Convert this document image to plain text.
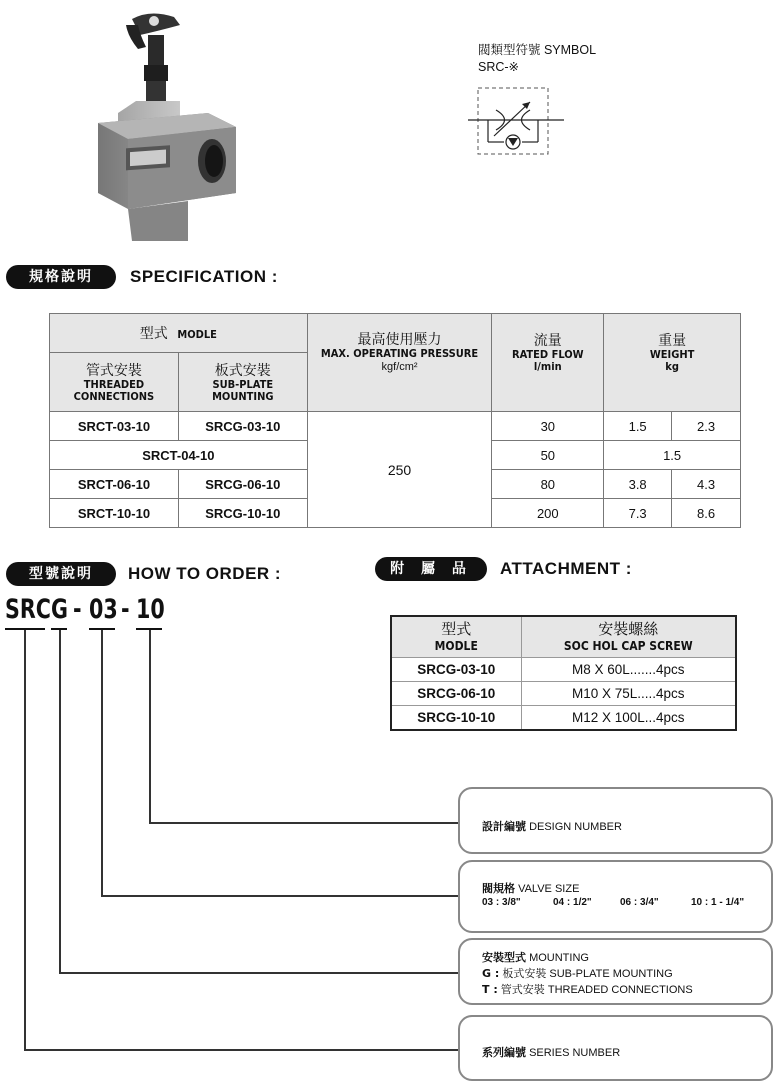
閥類型符號 SYMBOL
SRC-※
規格說明	SPECIFICATION :
型式 MODLE		最高使用壓力
MAX. OPERATING PRESSURE
kgf/cm²	流量
RATED FLOW
l/min	重量
WEIGHT
kg	

管式安裝
THREADED
CONNECTIONS	板式安裝
SUB-PLATE
MOUNTING				

SRCT-03-10	SRCG-03-10	250	30	1.5	2.3
SRCT-04-10			50	1.5	
SRCT-06-10	SRCG-06-10		80	3.8	4.3
SRCT-10-10	SRCG-10-10		200	7.3	8.6
型號說明	HOW TO ORDER :	附 屬 品	ATTACHMENT :
型式
MODLE	安裝螺絲
SOC HOL CAP SCREW

SRCG-03-10	M8 X 60L.......4pcs
SRCG-06-10	M10 X 75L.....4pcs
SRCG-10-10	M12 X 100L...4pcs
SRC G - 03 - 10
設計編號 DESIGN NUMBER
閥規格 VALVE SIZE
03 : 3/8"	04 : 1/2"	06 : 3/4"	10 : 1 - 1/4"
安裝型式 MOUNTING
G : 板式安裝 SUB-PLATE MOUNTING
T : 管式安裝 THREADED CONNECTIONS
系列編號 SERIES NUMBER
